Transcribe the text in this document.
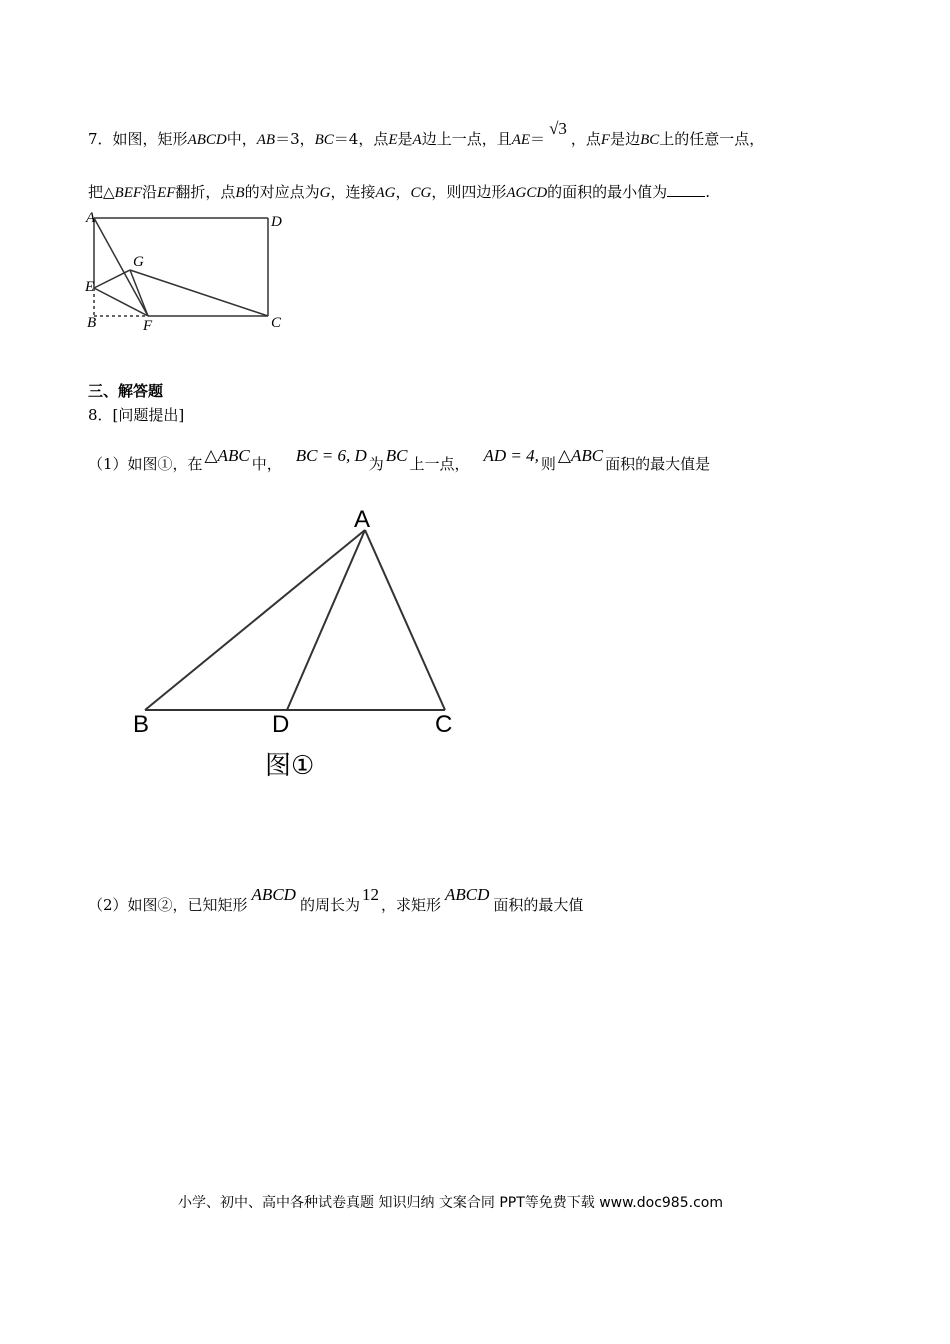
7．如图，矩形ABCD中，AB＝3，BC＝4，点E是A边上一点，且AE＝√3，点F是边BC上的任意一点，
把△BEF沿EF翻折，点B的对应点为G，连接AG，CG，则四边形AGCD的面积的最小值为	.
A	D
G
E
B	F	C
三、解答题
8．[问题提出]
（1）如图①，在 △ABC 中， BC = 6, D 为 BC 上一点， AD = 4, 则 △ABC 面积的最大值是
A
B	D	C
图①
（2）如图②，已知矩形ABCD的周长为12，求矩形ABCD面积的最大值
小学、初中、高中各种试卷真题 知识归纳 文案合同 PPT等免费下载 www.doc985.com
